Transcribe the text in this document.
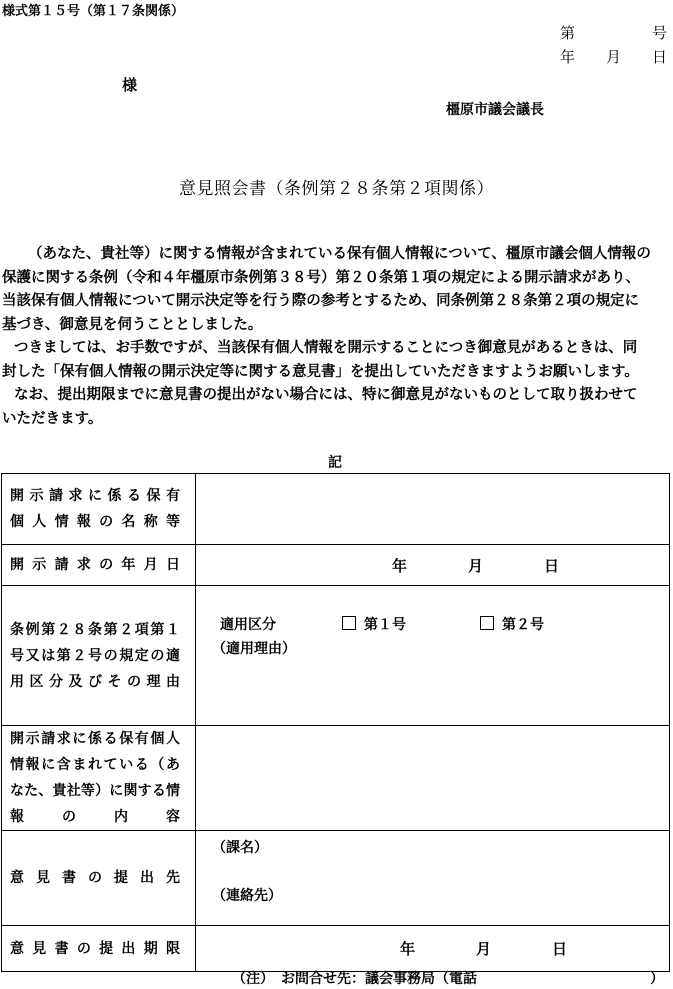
様式第１５号（第１７条関係）
第	号
年 月 日
様
橿原市議会議長
意見照会書（条例第２８条第２項関係）

（あなた、貴社等）に関する情報が含まれている保有個人情報について、橿原市議会個人情報の

保護に関する条例（令和４年橿原市条例第３８号）第２０条第１項の規定による開示請求があり、

当該保有個人情報について開示決定等を行う際の参考とするため、同条例第２８条第２項の規定に

基づき、御意見を伺うこととしました。

つきましては、お手数ですが、当該保有個人情報を開示することにつき御意見があるときは、同

封した「保有個人情報の開示決定等に関する意見書」を提出していただきますようお願いします。

なお、提出期限までに意見書の提出がない場合には、特に御意見がないものとして取り扱わせて

いただきます。

記
開示請求に係る保有
個人情報の名称等	

開示請求の年月日	年 月 日

条例第２８条第２項第１
号又は第２号の規定の適
用区分及びその理由	適用区分 第１号 第２号
（適用理由）

開示請求に係る保有個人
情報に含まれている（あ
なた、貴社等）に関する情
報の内容	

意見書の提出先	（課名）
（連絡先）

意見書の提出期限	年 月 日
（注）　お問合せ先：議会事務局（電話	）
